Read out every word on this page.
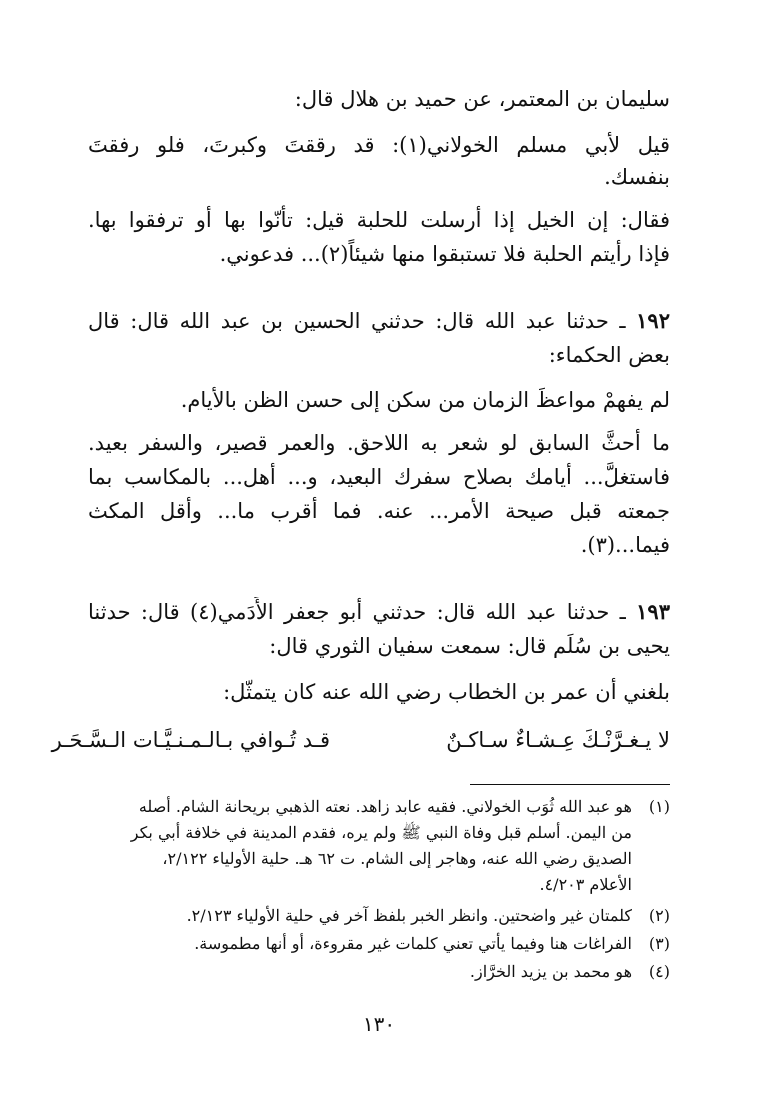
سليمان بن المعتمر، عن حميد بن هلال قال:
قيل لأبي مسلم الخولاني(١): قد رققتَ وكبرتَ، فلو رفقتَ
بنفسك.
فقال: إن الخيل إذا أرسلت للحلبة قيل: تأنّوا بها أو ترفقوا بها.
فإذا رأيتم الحلبة فلا تستبقوا منها شيئاً(٢)... فدعوني.
١٩٢ ـ حدثنا عبد الله قال: حدثني الحسين بن عبد الله قال: قال
بعض الحكماء:
لم يفهمْ مواعظَ الزمان من سكن إلى حسن الظن بالأيام.
ما أحثَّ السابق لو شعر به اللاحق. والعمر قصير، والسفر بعيد.
فاستغلَّ... أيامك بصلاح سفرك البعيد، و... أهل... بالمكاسب بما
جمعته قبل صيحة الأمر... عنه. فما أقرب ما... وأقل المكث
فيما...(٣).
١٩٣ ـ حدثنا عبد الله قال: حدثني أبو جعفر الأَدَمي(٤) قال: حدثنا
يحيى بن سُلَم قال: سمعت سفيان الثوري قال:
بلغني أن عمر بن الخطاب رضي الله عنه كان يتمثّل:
لا يـغـرَّنْـكَ عِـشـاءٌ سـاكـنٌ
قـد تُـوافي بـالـمـنـيَّـات الـسَّـحَـر
(١)هو عبد الله ثُوَب الخولاني. فقيه عابد زاهد. نعته الذهبي بريحانة الشام. أصله
من اليمن. أسلم قبل وفاة النبي ﷺ ولم يره، فقدم المدينة في خلافة أبي بكر
الصديق رضي الله عنه، وهاجر إلى الشام. ت ٦٢ هـ. حلية الأولياء ٢/١٢٢،
الأعلام ٤/٢٠٣.
(٢)كلمتان غير واضحتين. وانظر الخبر بلفظ آخر في حلية الأولياء ٢/١٢٣.
(٣)الفراغات هنا وفيما يأتي تعني كلمات غير مقروءة، أو أنها مطموسة.
(٤)هو محمد بن يزيد الخرَّاز.
١٣٠
